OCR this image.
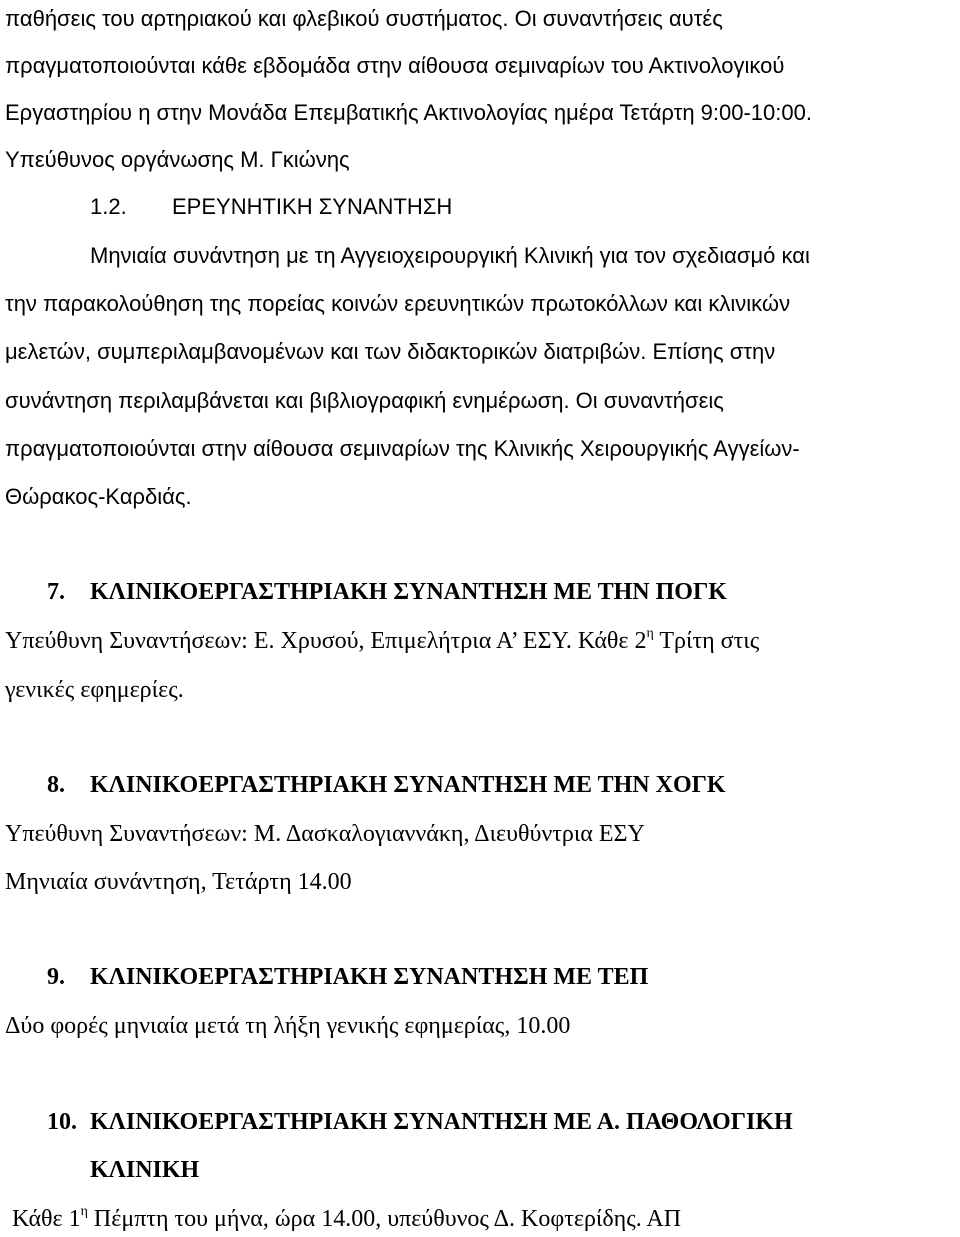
παθήσεις του αρτηριακού και φλεβικού συστήματος. Οι συναντήσεις αυτές
πραγματοποιούνται κάθε εβδομάδα στην αίθουσα σεμιναρίων του Ακτινολογικού
Εργαστηρίου η στην Μονάδα Επεμβατικής Ακτινολογίας ημέρα Τετάρτη 9:00-10:00.
Υπεύθυνος οργάνωσης Μ. Γκιώνης
1.2. ΕΡΕΥΝΗΤΙΚΗ ΣΥΝΑΝΤΗΣΗ
Μηνιαία συνάντηση με τη Αγγειοχειρουργική Κλινική για τον σχεδιασμό και
την παρακολούθηση της πορείας κοινών ερευνητικών πρωτοκόλλων και κλινικών
μελετών, συμπεριλαμβανομένων και των διδακτορικών διατριβών. Επίσης στην
συνάντηση περιλαμβάνεται και βιβλιογραφική ενημέρωση. Οι συναντήσεις
πραγματοποιούνται στην αίθουσα σεμιναρίων της Κλινικής Χειρουργικής Αγγείων-
Θώρακος-Καρδιάς.
7. ΚΛΙΝΙΚΟΕΡΓΑΣΤΗΡΙΑΚΗ ΣΥΝΑΝΤΗΣΗ ΜΕ ΤΗΝ ΠΟΓΚ
Υπεύθυνη Συναντήσεων: Ε. Χρυσού, Επιμελήτρια Α’ ΕΣΥ. Κάθε $2^\eta$ Τρίτη στις
γενικές εφημερίες.
8. ΚΛΙΝΙΚΟΕΡΓΑΣΤΗΡΙΑΚΗ ΣΥΝΑΝΤΗΣΗ ΜΕ ΤΗΝ ΧΟΓΚ
Υπεύθυνη Συναντήσεων: Μ. Δασκαλογιαννάκη, Διευθύντρια ΕΣΥ
Μηνιαία συνάντηση, Τετάρτη 14.00
9. ΚΛΙΝΙΚΟΕΡΓΑΣΤΗΡΙΑΚΗ ΣΥΝΑΝΤΗΣΗ ΜΕ ΤΕΠ
Δύο φορές μηνιαία μετά τη λήξη γενικής εφημερίας, 10.00
10. ΚΛΙΝΙΚΟΕΡΓΑΣΤΗΡΙΑΚΗ ΣΥΝΑΝΤΗΣΗ ΜΕ Α. ΠΑΘΟΛΟΓΙΚΗ
ΚΛΙΝΙΚΗ
Κάθε $1^\eta$ Πέμπτη του μήνα, ώρα 14.00, υπεύθυνος Δ. Κοφτερίδης. ΑΠ
